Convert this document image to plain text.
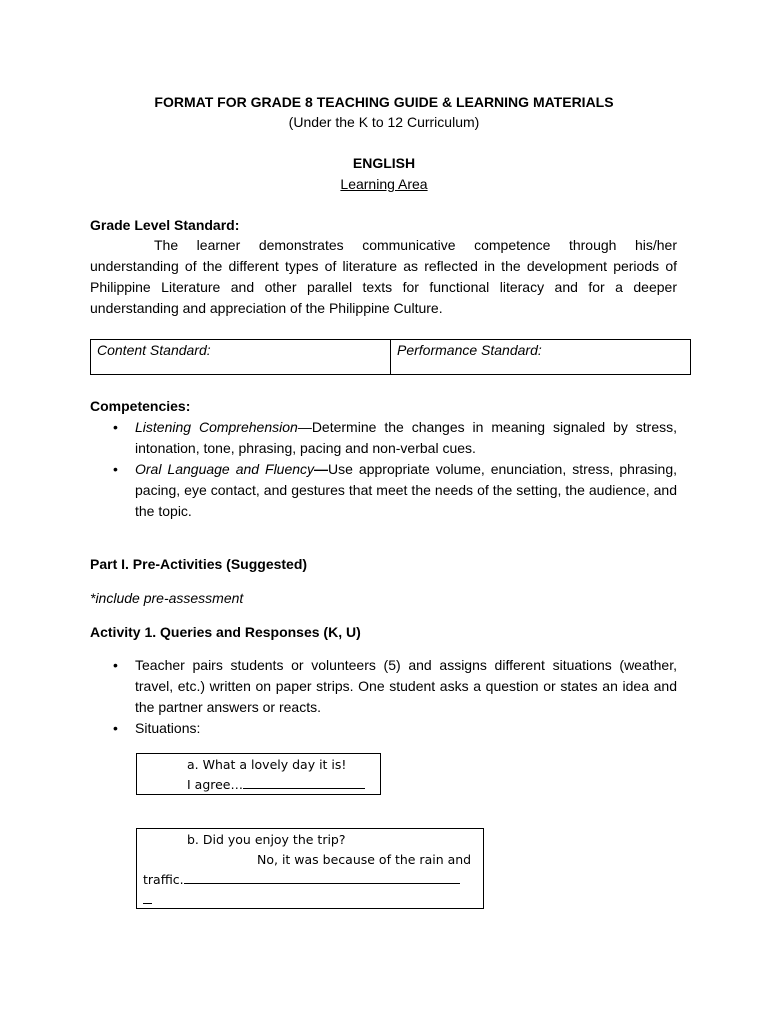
FORMAT FOR GRADE 8 TEACHING GUIDE & LEARNING MATERIALS
(Under the K to 12 Curriculum)
ENGLISH
Learning Area
Grade Level Standard:
The learner demonstrates communicative competence through his/her understanding of the different types of literature as reflected in the development periods of Philippine Literature and other parallel texts for functional literacy and for a deeper understanding and appreciation of the Philippine Culture.
Content Standard:	Performance Standard:
Competencies:
• Listening Comprehension—Determine the changes in meaning signaled by stress, intonation, tone, phrasing, pacing and non-verbal cues.
• Oral Language and Fluency—Use appropriate volume, enunciation, stress, phrasing, pacing, eye contact, and gestures that meet the needs of the setting, the audience, and the topic.
Part I. Pre-Activities (Suggested)
*include pre-assessment
Activity 1. Queries and Responses (K, U)
• Teacher pairs students or volunteers (5) and assigns different situations (weather, travel, etc.) written on paper strips. One student asks a question or states an idea and the partner answers or reacts.
• Situations:
a. What a lovely day it is!
I agree…
b. Did you enjoy the trip?
No, it was because of the rain and
traffic.
